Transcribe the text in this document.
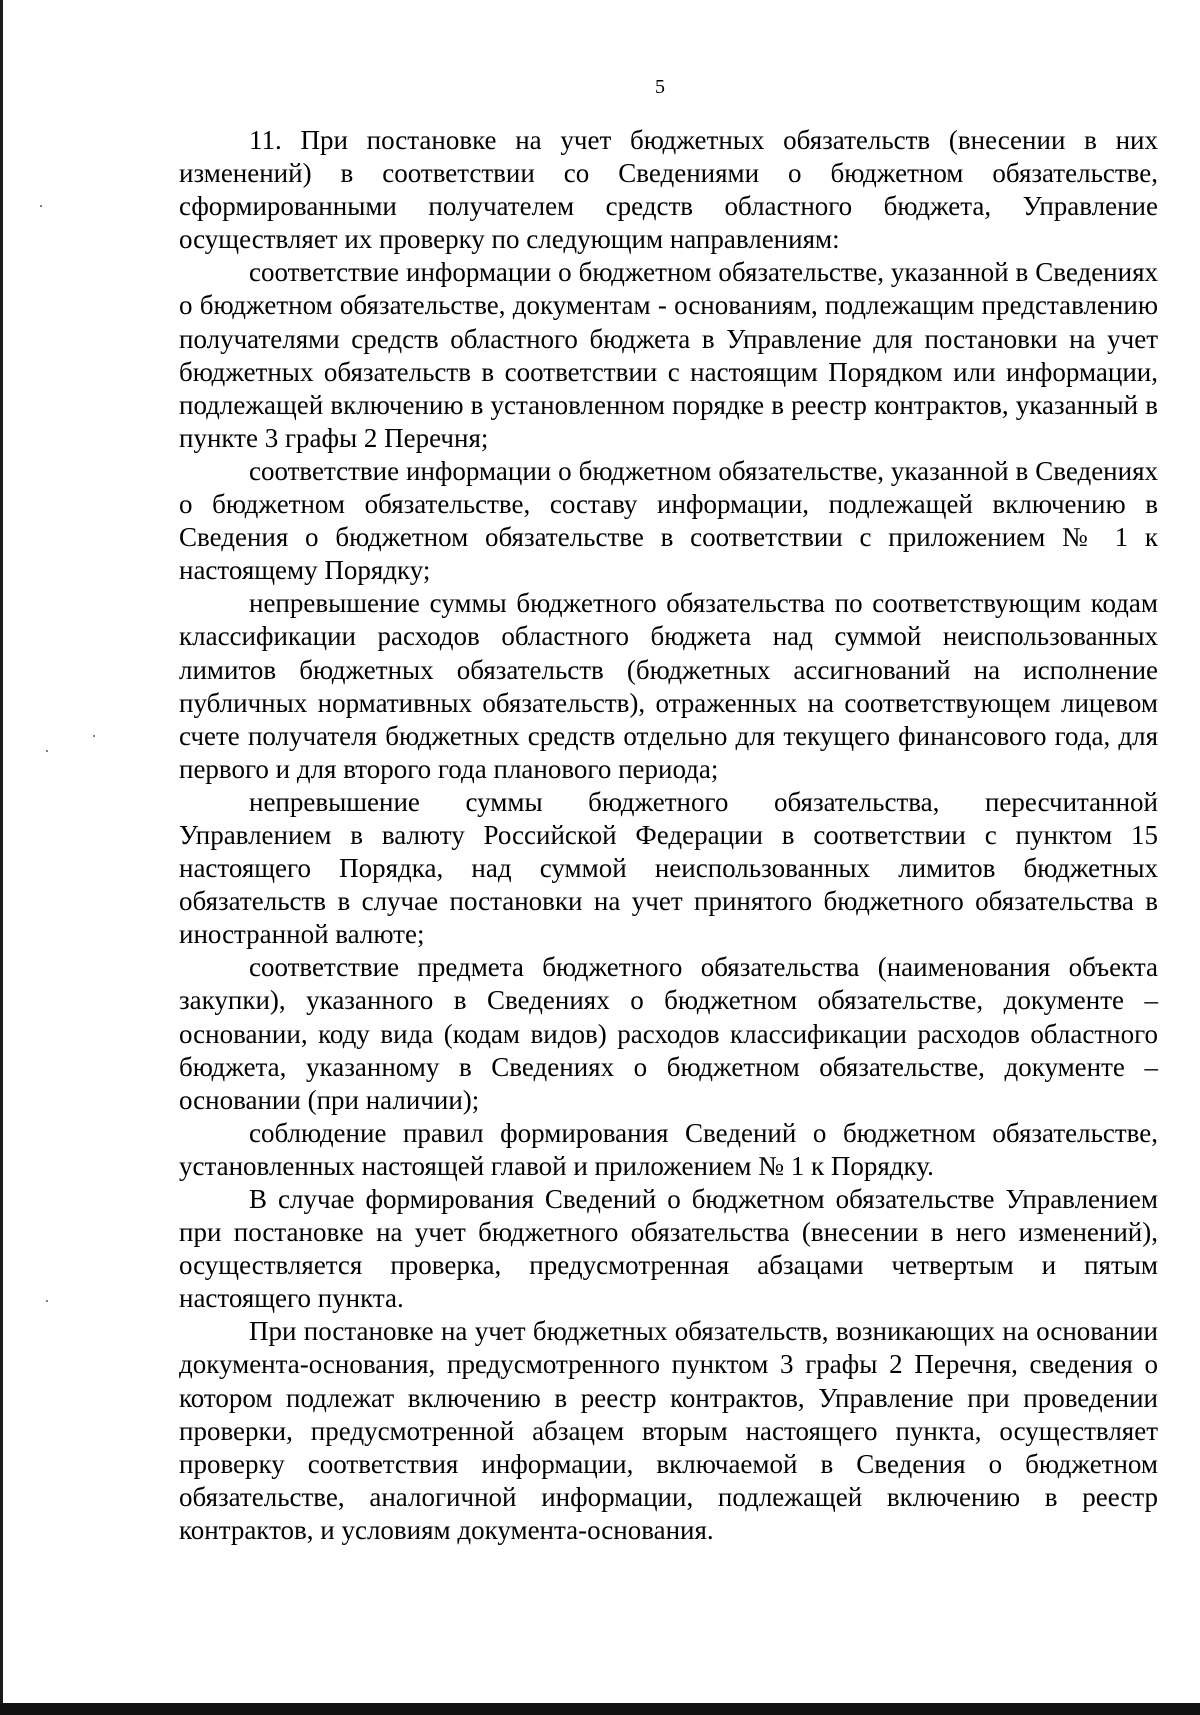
5

11. При постановке на учет бюджетных обязательств (внесении в них изменений) в соответствии со Сведениями о бюджетном обязательстве, сформированными получателем средств областного бюджета, Управление осуществляет их проверку по следующим направлениям:

соответствие информации о бюджетном обязательстве, указанной в Сведениях о бюджетном обязательстве, документам - основаниям, подлежащим представлению получателями средств областного бюджета в Управление для постановки на учет бюджетных обязательств в соответствии с настоящим Порядком или информации, подлежащей включению в установленном порядке в реестр контрактов, указанный в пункте 3 графы 2 Перечня;

соответствие информации о бюджетном обязательстве, указанной в Сведениях о бюджетном обязательстве, составу информации, подлежащей включению в Сведения о бюджетном обязательстве в соответствии с приложением № 1 к настоящему Порядку;

непревышение суммы бюджетного обязательства по соответствующим кодам классификации расходов областного бюджета над суммой неиспользованных лимитов бюджетных обязательств (бюджетных ассигнований на исполнение публичных нормативных обязательств), отраженных на соответствующем лицевом счете получателя бюджетных средств отдельно для текущего финансового года, для первого и для второго года планового периода;

непревышение суммы бюджетного обязательства, пересчитанной Управлением в валюту Российской Федерации в соответствии с пунктом 15 настоящего Порядка, над суммой неиспользованных лимитов бюджетных обязательств в случае постановки на учет принятого бюджетного обязательства в иностранной валюте;

соответствие предмета бюджетного обязательства (наименования объекта закупки), указанного в Сведениях о бюджетном обязательстве, документе – основании, коду вида (кодам видов) расходов классификации расходов областного бюджета, указанному в Сведениях о бюджетном обязательстве, документе – основании (при наличии);

соблюдение правил формирования Сведений о бюджетном обязательстве, установленных настоящей главой и приложением № 1 к Порядку.

В случае формирования Сведений о бюджетном обязательстве Управлением при постановке на учет бюджетного обязательства (внесении в него изменений), осуществляется проверка, предусмотренная абзацами четвертым и пятым настоящего пункта.

При постановке на учет бюджетных обязательств, возникающих на основании документа-основания, предусмотренного пунктом 3 графы 2 Перечня, сведения о котором подлежат включению в реестр контрактов, Управление при проведении проверки, предусмотренной абзацем вторым настоящего пункта, осуществляет проверку соответствия информации, включаемой в Сведения о бюджетном обязательстве, аналогичной информации, подлежащей включению в реестр контрактов, и условиям документа-основания.
